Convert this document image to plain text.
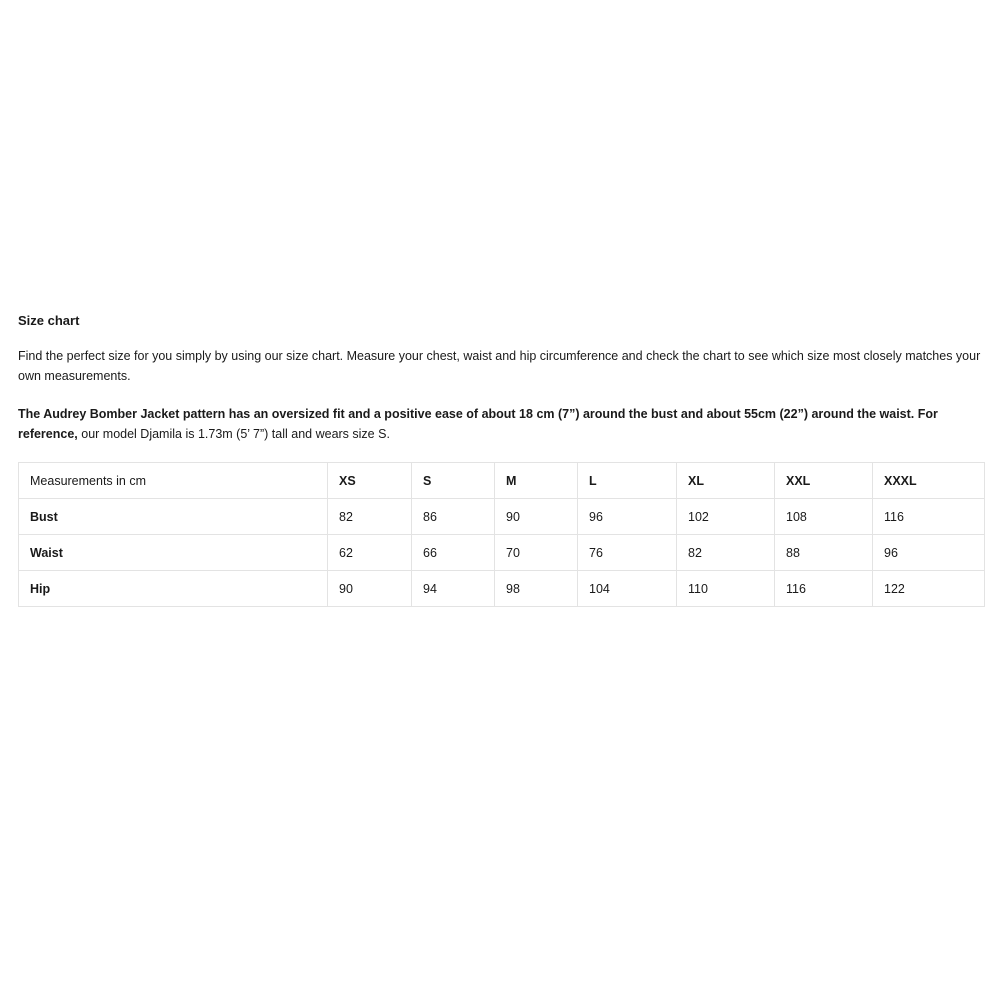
Size chart

Find the perfect size for you simply by using our size chart. Measure your chest, waist and hip circumference and check the chart to see which size most closely matches your own measurements.

The Audrey Bomber Jacket pattern has an oversized fit and a positive ease of about 18 cm (7”) around the bust and about 55cm (22”) around the waist. For reference, our model Djamila is 1.73m (5’ 7”) tall and wears size S.

Measurements in cm	XS	S	M	L	XL	XXL	XXXL
Bust	82	86	90	96	102	108	116
Waist	62	66	70	76	82	88	96
Hip	90	94	98	104	110	116	122
